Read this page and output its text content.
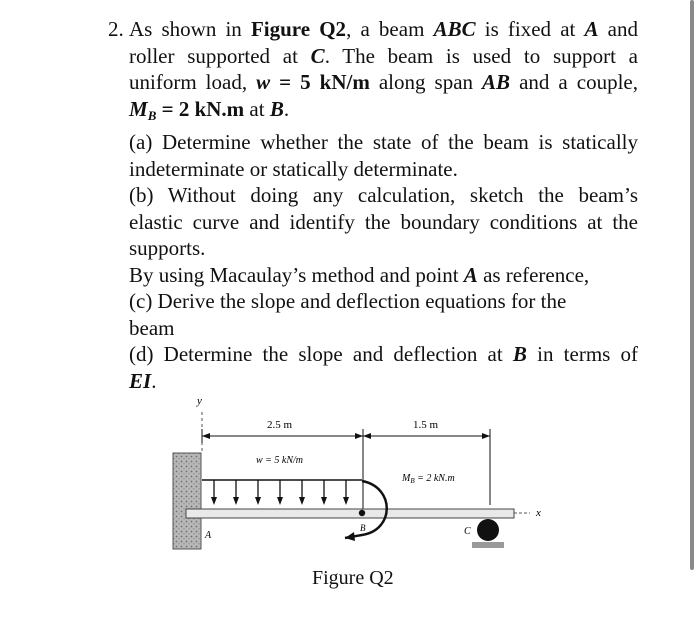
2. As shown in Figure Q2, a beam ABC is fixed at A and
roller supported at C. The beam is used to support a
uniform load, w = 5 kN/m along span AB and a couple,
$M_B = 2$ kN.m at B.
(a) Determine whether the state of the beam is statically
indeterminate or statically determinate.
(b) Without doing any calculation, sketch the beam’s
elastic curve and identify the boundary conditions at the
supports.
By using Macaulay’s method and point A as reference,
(c) Derive the slope and deflection equations for the
beam
(d) Determine the slope and deflection at B in terms of
EI.
y
2.5 m	1.5 m
w = 5 kN/m
A
x
B
$M_B = 2$ kN.m
C
Figure Q2
